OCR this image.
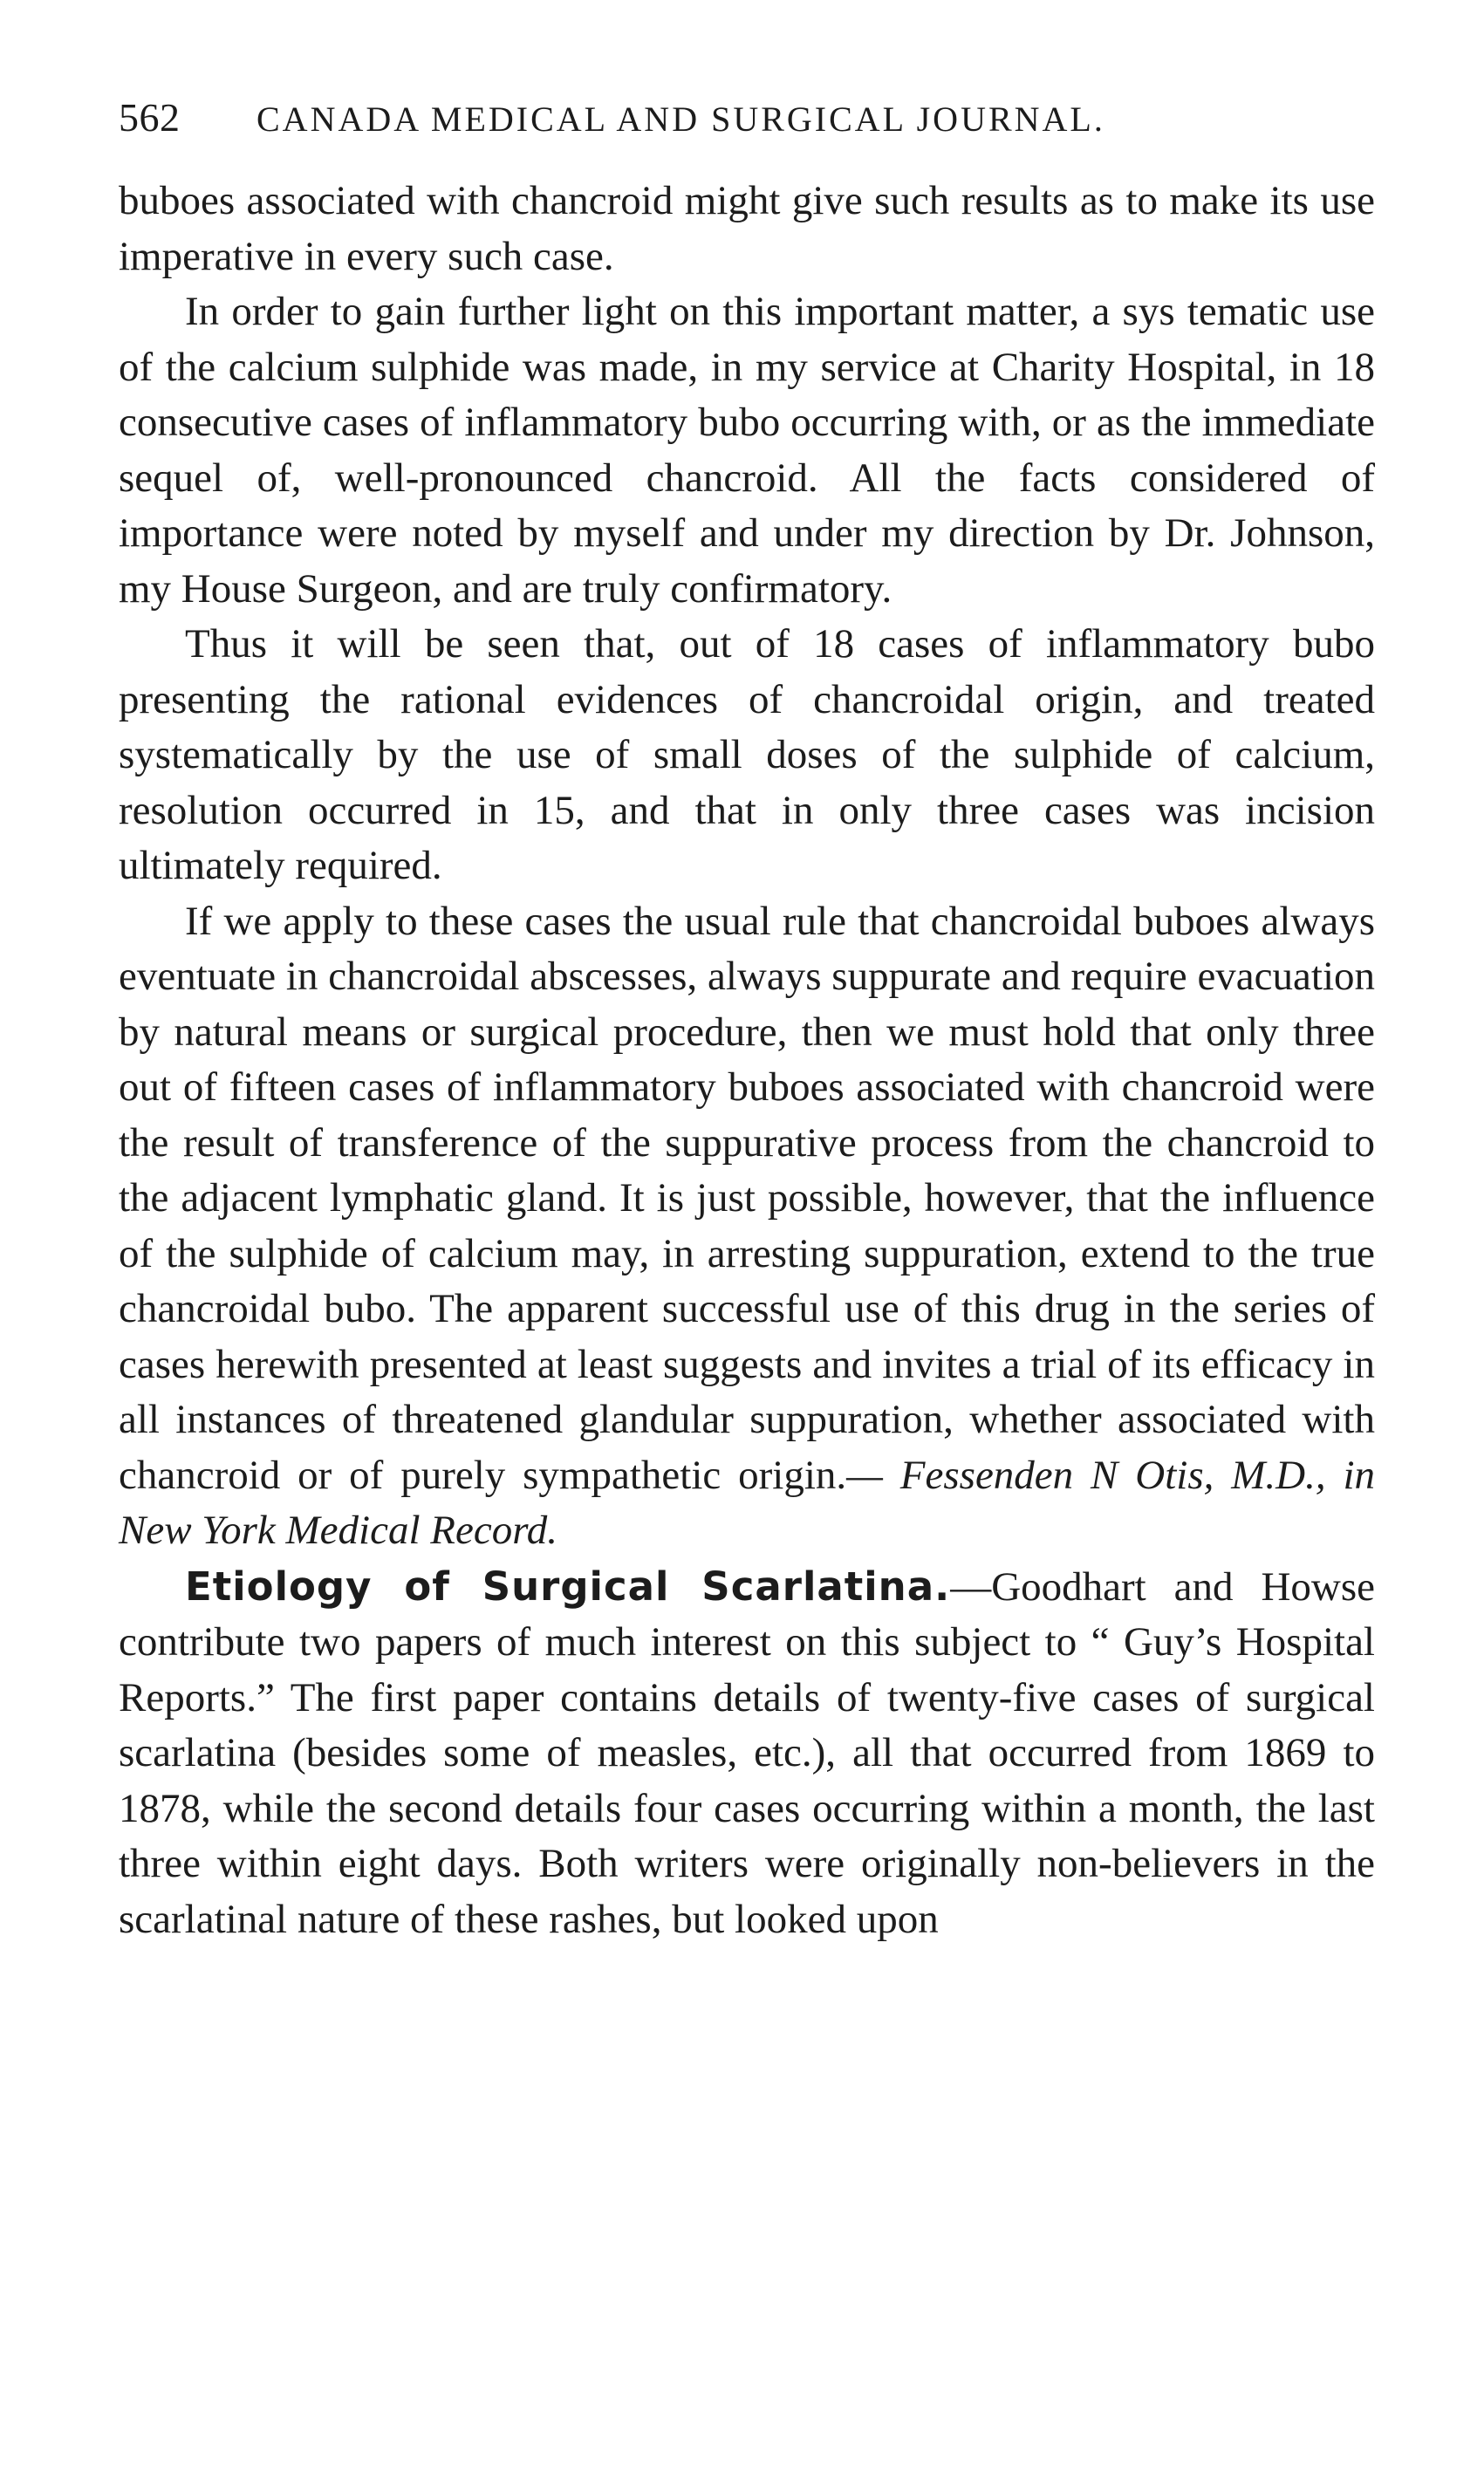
562	CANADA MEDICAL AND SURGICAL JOURNAL.

buboes associated with chancroid might give such results as to make its use imperative in every such case.

In order to gain further light on this important matter, a sys tematic use of the calcium sulphide was made, in my service at Charity Hospital, in 18 consecutive cases of inflammatory bubo occurring with, or as the immediate sequel of, well-pronounced chancroid. All the facts considered of importance were noted by myself and under my direction by Dr. Johnson, my House Surgeon, and are truly confirmatory.

Thus it will be seen that, out of 18 cases of inflammatory bubo presenting the rational evidences of chancroidal origin, and treated systematically by the use of small doses of the sulphide of calcium, resolution occurred in 15, and that in only three cases was incision ultimately required.

If we apply to these cases the usual rule that chancroidal buboes always eventuate in chancroidal abscesses, always suppurate and require evacuation by natural means or surgical procedure, then we must hold that only three out of fifteen cases of inflammatory buboes associated with chancroid were the result of transference of the suppurative process from the chancroid to the adjacent lymphatic gland. It is just possible, however, that the influence of the sulphide of calcium may, in arresting suppuration, extend to the true chancroidal bubo. The apparent successful use of this drug in the series of cases herewith presented at least suggests and invites a trial of its efficacy in all instances of threatened glandular suppuration, whether associated with chancroid or of purely sympathetic origin.— Fessenden N Otis, M.D., in New York Medical Record.

Etiology of Surgical Scarlatina.—Goodhart and Howse contribute two papers of much interest on this subject to “ Guy’s Hospital Reports.” The first paper contains details of twenty-five cases of surgical scarlatina (besides some of measles, etc.), all that occurred from 1869 to 1878, while the second details four cases occurring within a month, the last three within eight days. Both writers were originally non-believers in the scarlatinal nature of these rashes, but looked upon
